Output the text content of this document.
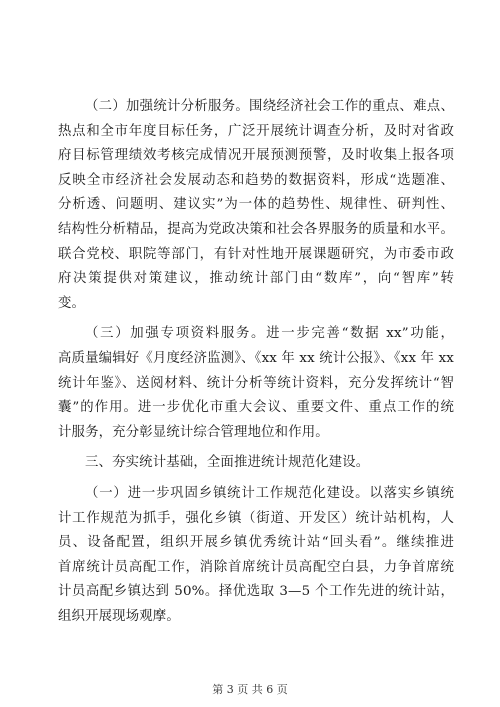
（二）加强统计分析服务。围绕经济社会工作的重点、难点、
热点和全市年度目标任务，广泛开展统计调查分析，及时对省政
府目标管理绩效考核完成情况开展预测预警，及时收集上报各项
反映全市经济社会发展动态和趋势的数据资料，形成“选题准、
分析透、问题明、建议实”为一体的趋势性、规律性、研判性、
结构性分析精品，提高为党政决策和社会各界服务的质量和水平。
联合党校、职院等部门，有针对性地开展课题研究，为市委市政
府决策提供对策建议，推动统计部门由“数库”，向“智库”转
变。

（三）加强专项资料服务。进一步完善“数据 xx”功能，
高质量编辑好《月度经济监测》、《xx 年 xx 统计公报》、《xx 年 xx
统计年鉴》、送阅材料、统计分析等统计资料，充分发挥统计“智
囊”的作用。进一步优化市重大会议、重要文件、重点工作的统
计服务，充分彰显统计综合管理地位和作用。

三、夯实统计基础，全面推进统计规范化建设。

（一）进一步巩固乡镇统计工作规范化建设。以落实乡镇统
计工作规范为抓手，强化乡镇（街道、开发区）统计站机构，人
员、设备配置，组织开展乡镇优秀统计站“回头看”。继续推进
首席统计员高配工作，消除首席统计员高配空白县，力争首席统
计员高配乡镇达到 50%。择优选取 3—5 个工作先进的统计站，
组织开展现场观摩。

第 3 页 共 6 页
